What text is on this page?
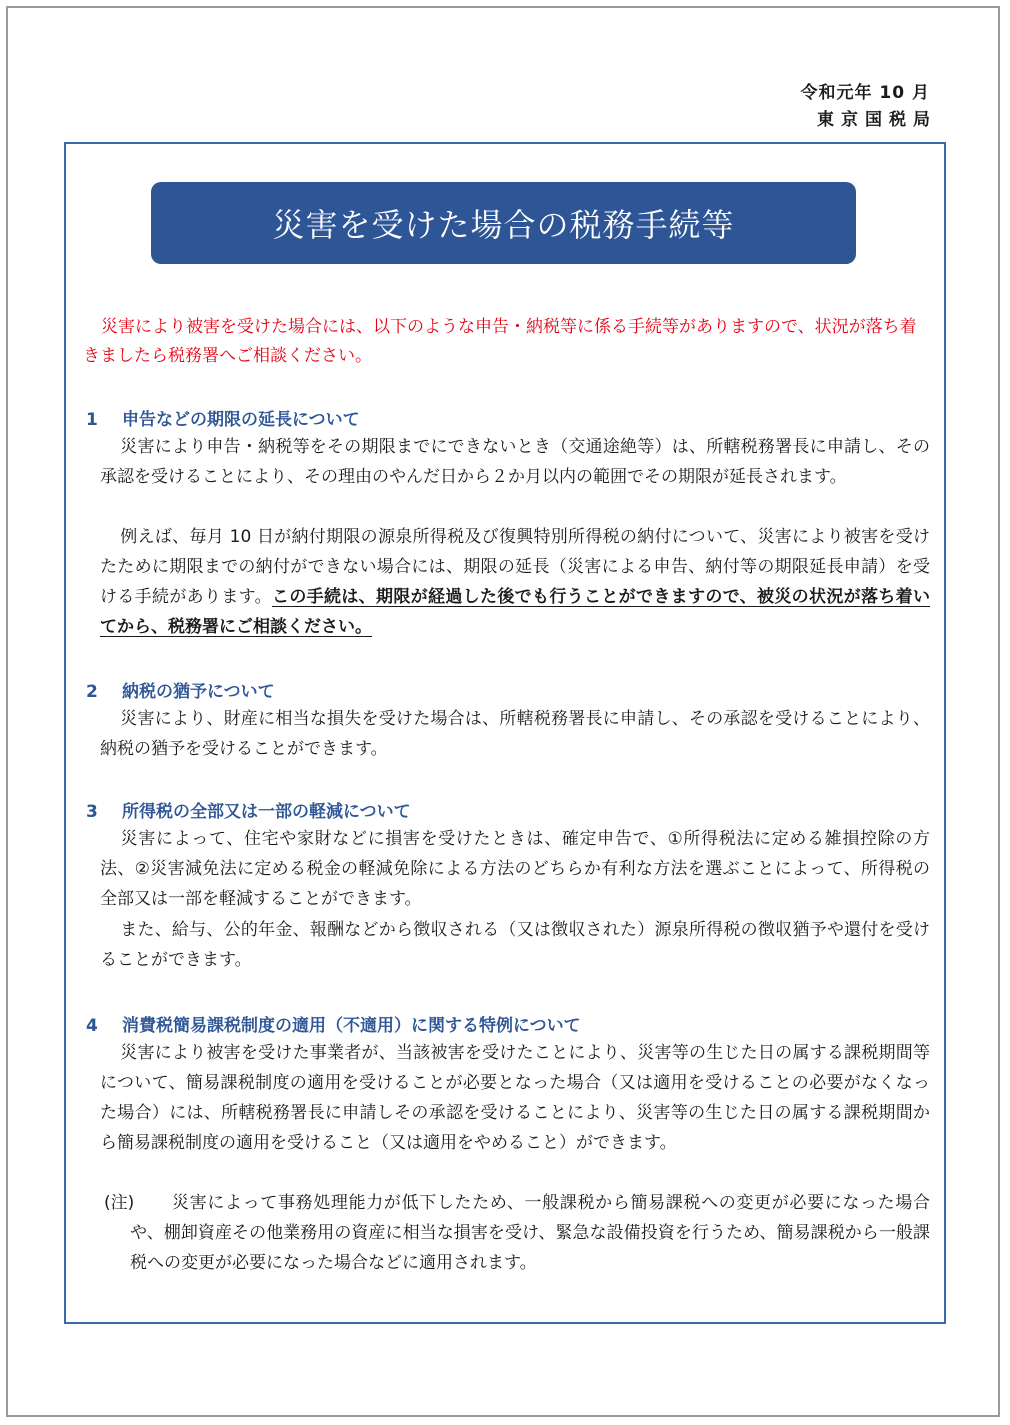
令和元年 10 月
東京国税局
災害を受けた場合の税務手続等
災害により被害を受けた場合には、以下のような申告・納税等に係る手続等がありますので、状況が落ち着きましたら税務署へご相談ください。
1 申告などの期限の延長について
災害により申告・納税等をその期限までにできないとき（交通途絶等）は、所轄税務署長に申請し、その承認を受けることにより、その理由のやんだ日から２か月以内の範囲でその期限が延長されます。
例えば、毎月 10 日が納付期限の源泉所得税及び復興特別所得税の納付について、災害により被害を受けたために期限までの納付ができない場合には、期限の延長（災害による申告、納付等の期限延長申請）を受ける手続があります。この手続は、期限が経過した後でも行うことができますので、被災の状況が落ち着いてから、税務署にご相談ください。
2 納税の猶予について
災害により、財産に相当な損失を受けた場合は、所轄税務署長に申請し、その承認を受けることにより、納税の猶予を受けることができます。
3 所得税の全部又は一部の軽減について
災害によって、住宅や家財などに損害を受けたときは、確定申告で、①所得税法に定める雑損控除の方法、②災害減免法に定める税金の軽減免除による方法のどちらか有利な方法を選ぶことによって、所得税の全部又は一部を軽減することができます。
また、給与、公的年金、報酬などから徴収される（又は徴収された）源泉所得税の徴収猶予や還付を受けることができます。
4 消費税簡易課税制度の適用（不適用）に関する特例について
災害により被害を受けた事業者が、当該被害を受けたことにより、災害等の生じた日の属する課税期間等について、簡易課税制度の適用を受けることが必要となった場合（又は適用を受けることの必要がなくなった場合）には、所轄税務署長に申請しその承認を受けることにより、災害等の生じた日の属する課税期間から簡易課税制度の適用を受けること（又は適用をやめること）ができます。
(注)	災害によって事務処理能力が低下したため、一般課税から簡易課税への変更が必要になった場合や、棚卸資産その他業務用の資産に相当な損害を受け、緊急な設備投資を行うため、簡易課税から一般課税への変更が必要になった場合などに適用されます。
